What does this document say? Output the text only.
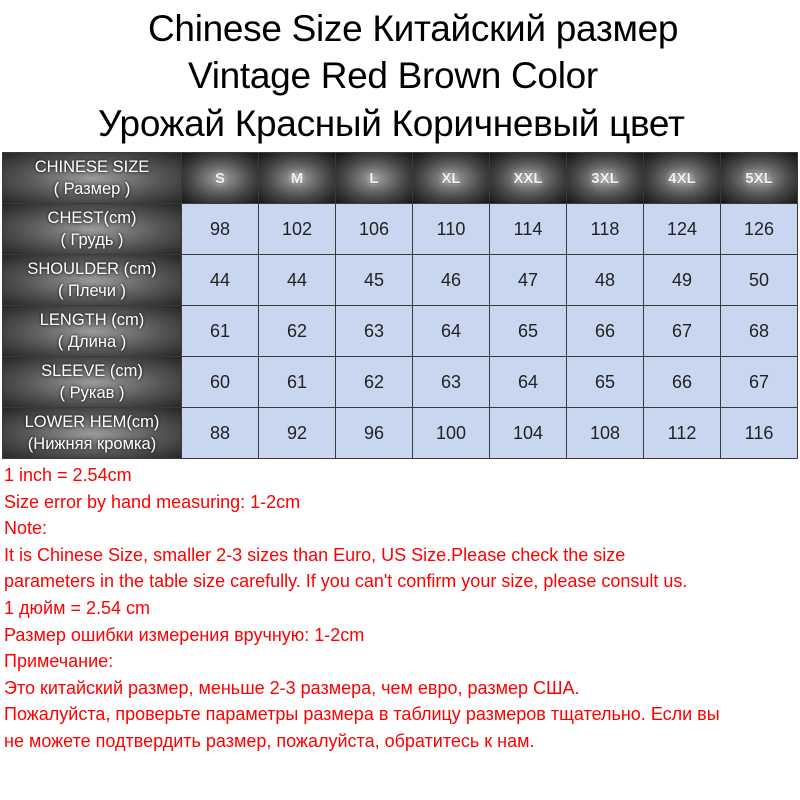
Chinese Size Китайский размер
Vintage Red Brown Color
Урожай Красный Коричневый цвет
CHINESE SIZE
( Размер )	S	M	L	XL	XXL	3XL	4XL	5XL

CHEST(cm)
( Грудь )	98	102	106	110	114	118	124	126

SHOULDER (cm)
( Плечи )	44	44	45	46	47	48	49	50

LENGTH (cm)
( Длина )	61	62	63	64	65	66	67	68

SLEEVE (cm)
( Рукав )	60	61	62	63	64	65	66	67

LOWER HEM(cm)
(Нижняя кромка)	88	92	96	100	104	108	112	116
1 inch = 2.54cm
Size error by hand measuring: 1-2cm
Note:
It is Chinese Size, smaller 2-3 sizes than Euro, US Size.Please check the size
parameters in the table size carefully. If you can't confirm your size, please consult us.
1 дюйм = 2.54 cm
Размер ошибки измерения вручную: 1-2cm
Примечание:
Это китайский размер, меньше 2-3 размера, чем евро, размер США.
Пожалуйста, проверьте параметры размера в таблицу размеров тщательно. Если вы
не можете подтвердить размер, пожалуйста, обратитесь к нам.
